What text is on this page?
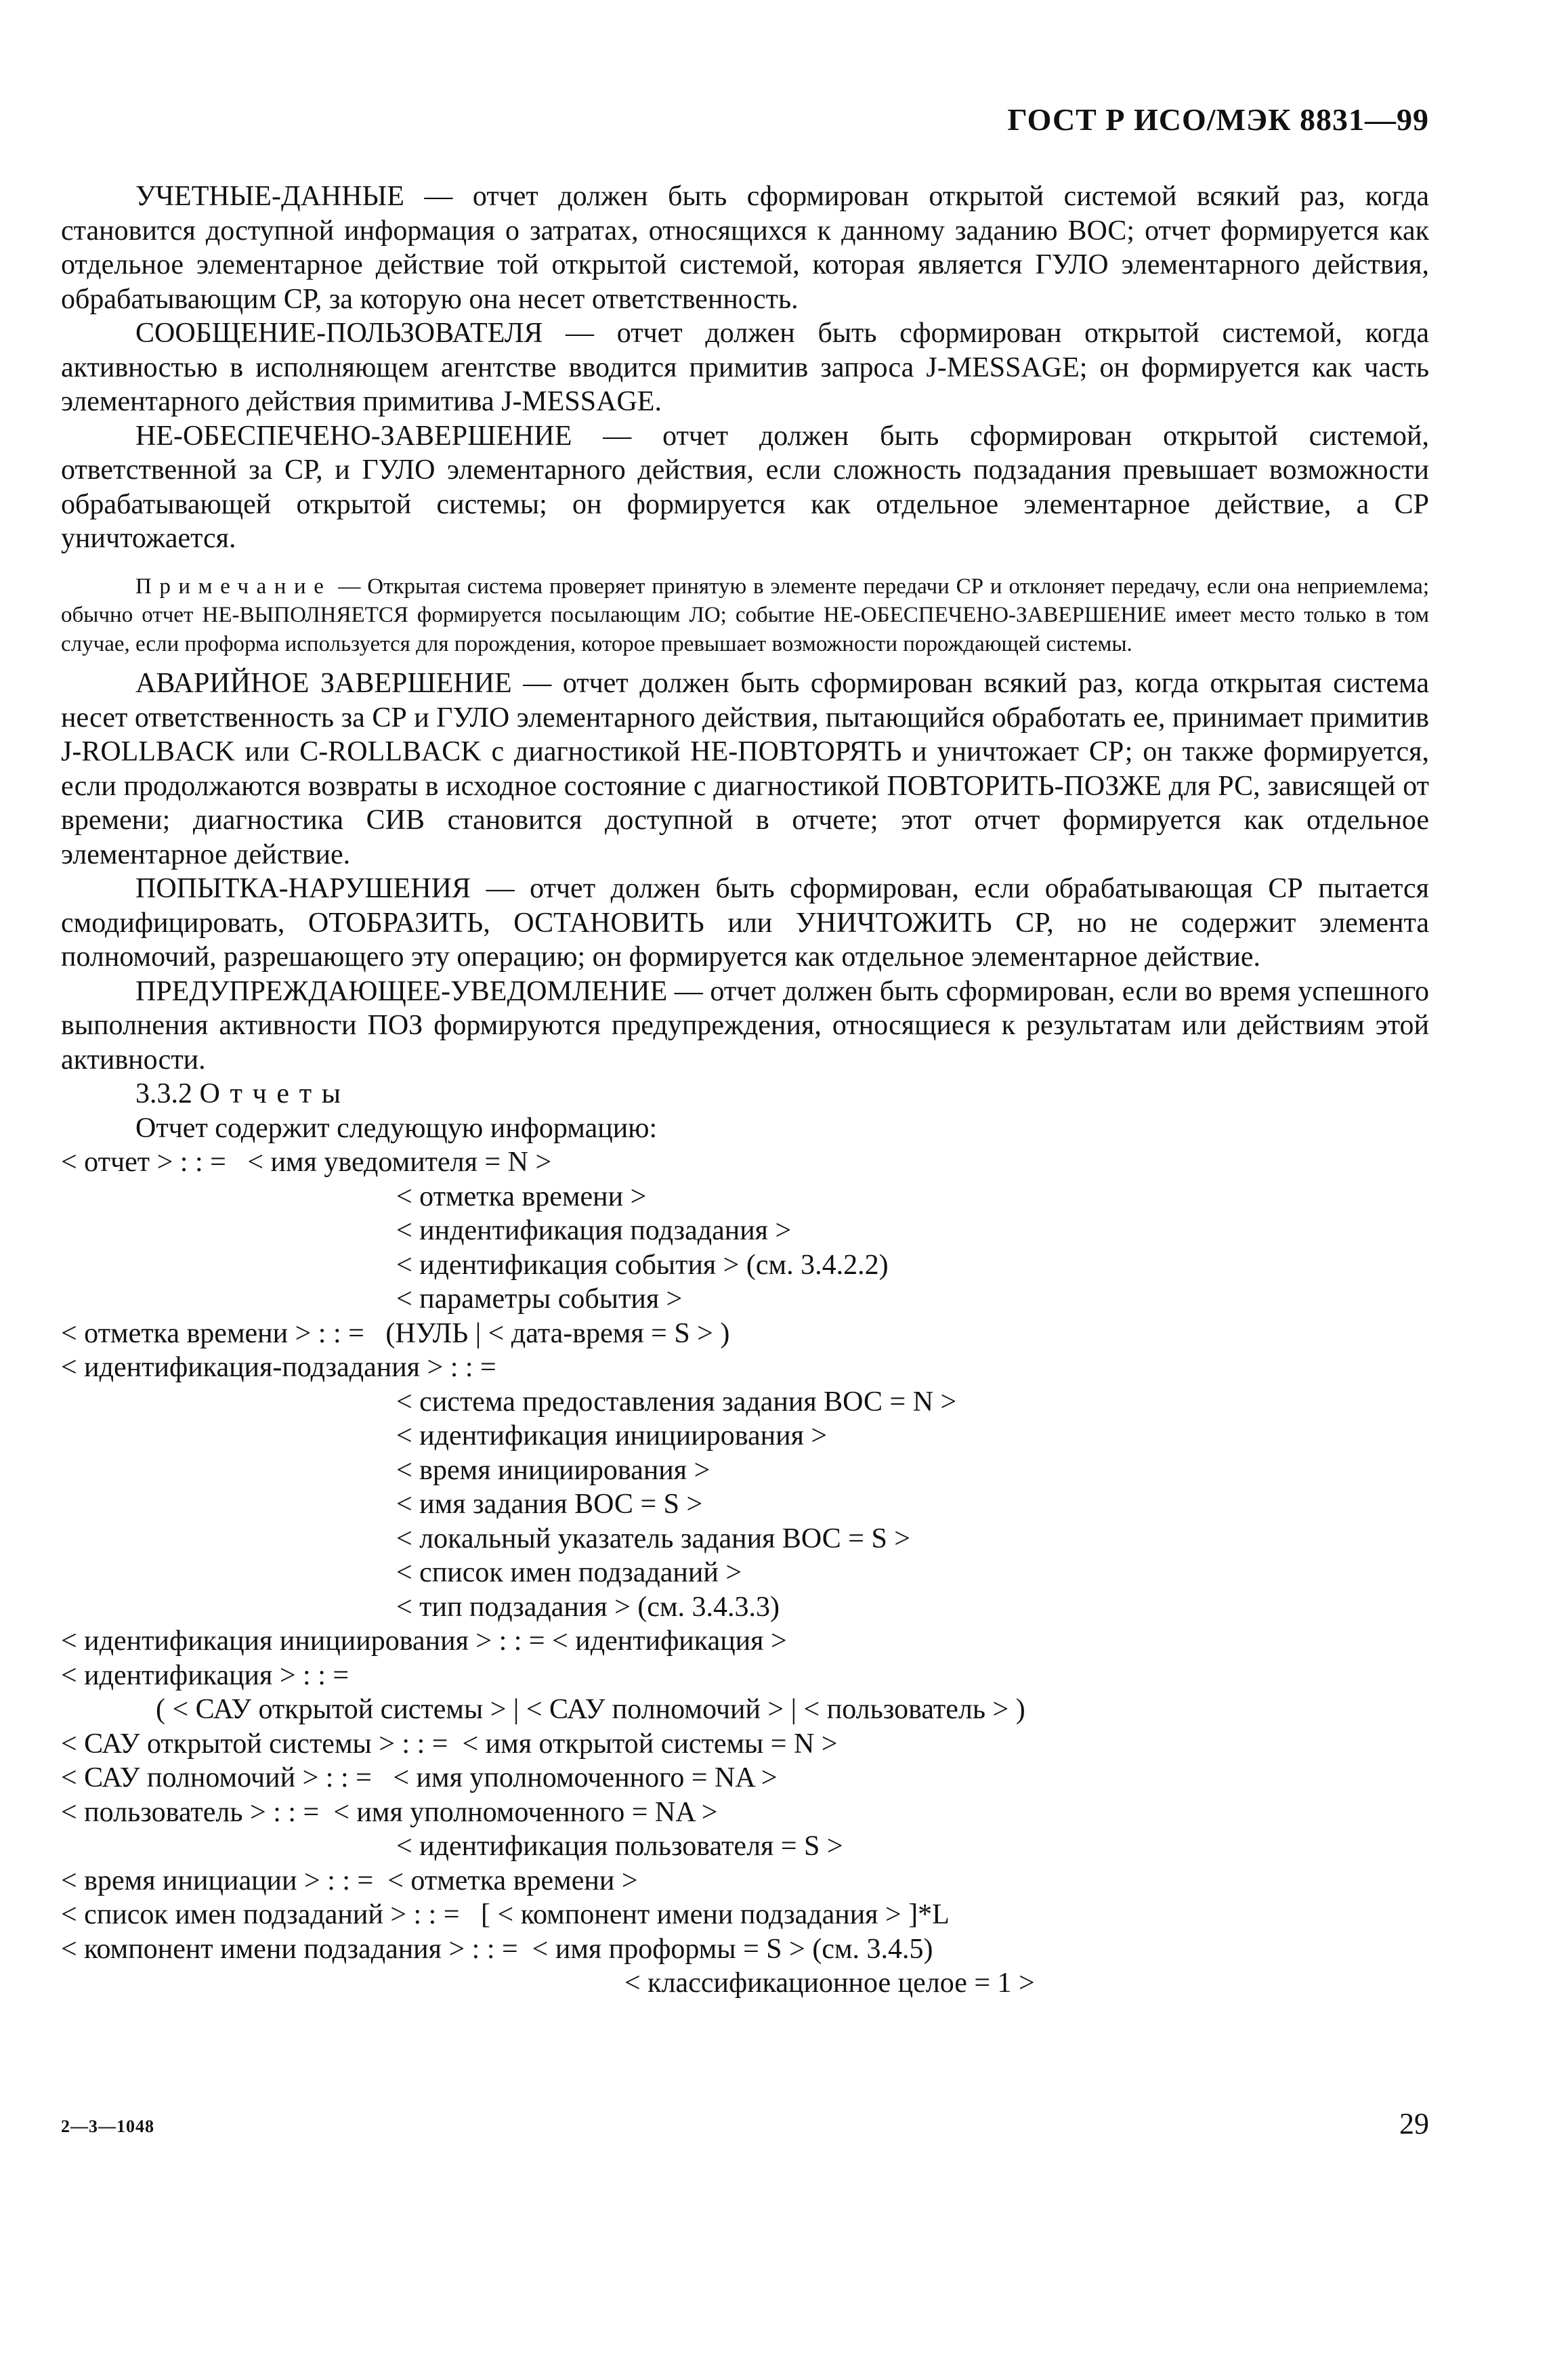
ГОСТ Р ИСО/МЭК 8831—99

УЧЕТНЫЕ-ДАННЫЕ — отчет должен быть сформирован открытой системой всякий раз, когда становится доступной информация о затратах, относящихся к данному заданию ВОС; отчет формируется как отдельное элементарное действие той открытой системой, которая является ГУЛО элементарного действия, обрабатывающим СР, за которую она несет ответственность.

СООБЩЕНИЕ-ПОЛЬЗОВАТЕЛЯ — отчет должен быть сформирован открытой системой, когда активностью в исполняющем агентстве вводится примитив запроса J-MESSAGE; он формируется как часть элементарного действия примитива J-MESSAGE.

НЕ-ОБЕСПЕЧЕНО-ЗАВЕРШЕНИЕ — отчет должен быть сформирован открытой системой, ответственной за СР, и ГУЛО элементарного действия, если сложность подзадания превышает возможности обрабатывающей открытой системы; он формируется как отдельное элементарное действие, а СР уничтожается.

Примечание — Открытая система проверяет принятую в элементе передачи СР и отклоняет передачу, если она неприемлема; обычно отчет НЕ-ВЫПОЛНЯЕТСЯ формируется посылающим ЛО; событие НЕ-ОБЕСПЕЧЕНО-ЗАВЕРШЕНИЕ имеет место только в том случае, если проформа используется для порождения, которое превышает возможности порождающей системы.

АВАРИЙНОЕ ЗАВЕРШЕНИЕ — отчет должен быть сформирован всякий раз, когда открытая система несет ответственность за СР и ГУЛО элементарного действия, пытающийся обработать ее, принимает примитив J-ROLLBACK или C-ROLLBACK с диагностикой НЕ-ПОВТОРЯТЬ и уничтожает СР; он также формируется, если продолжаются возвраты в исходное состояние с диагностикой ПОВТОРИТЬ-ПОЗЖЕ для РС, зависящей от времени; диагностика СИВ становится доступной в отчете; этот отчет формируется как отдельное элементарное действие.

ПОПЫТКА-НАРУШЕНИЯ — отчет должен быть сформирован, если обрабатывающая СР пытается смодифицировать, ОТОБРАЗИТЬ, ОСТАНОВИТЬ или УНИЧТОЖИТЬ СР, но не содержит элемента полномочий, разрешающего эту операцию; он формируется как отдельное элементарное действие.

ПРЕДУПРЕЖДАЮЩЕЕ-УВЕДОМЛЕНИЕ — отчет должен быть сформирован, если во время успешного выполнения активности ПОЗ формируются предупреждения, относящиеся к результатам или действиям этой активности.

3.3.2 Отчеты

Отчет содержит следующую информацию:

< отчет > : : =   < имя уведомителя = N >
< отметка времени >
< индентификация подзадания >
< идентификация события > (см. 3.4.2.2)
< параметры события >
< отметка времени > : : =   (НУЛЬ | < дата-время = S > )
< идентификация-подзадания > : : =
< система предоставления задания ВОС = N >
< идентификация инициирования >
< время инициирования >
< имя задания ВОС = S >
< локальный указатель задания ВОС = S >
< список имен подзаданий >
< тип подзадания > (см. 3.4.3.3)
< идентификация инициирования > : : = < идентификация >
< идентификация > : : =
( < САУ открытой системы > | < САУ полномочий > | < пользователь > )
< САУ открытой системы > : : =  < имя открытой системы = N >
< САУ полномочий > : : =   < имя уполномоченного = NA >
< пользователь > : : =  < имя уполномоченного = NA >
< идентификация пользователя = S >
< время инициации > : : =  < отметка времени >
< список имен подзаданий > : : =   [ < компонент имени подзадания > ]*L
< компонент имени подзадания > : : =  < имя проформы = S > (см. 3.4.5)
< классификационное целое = 1 >
2—3—1048	29
